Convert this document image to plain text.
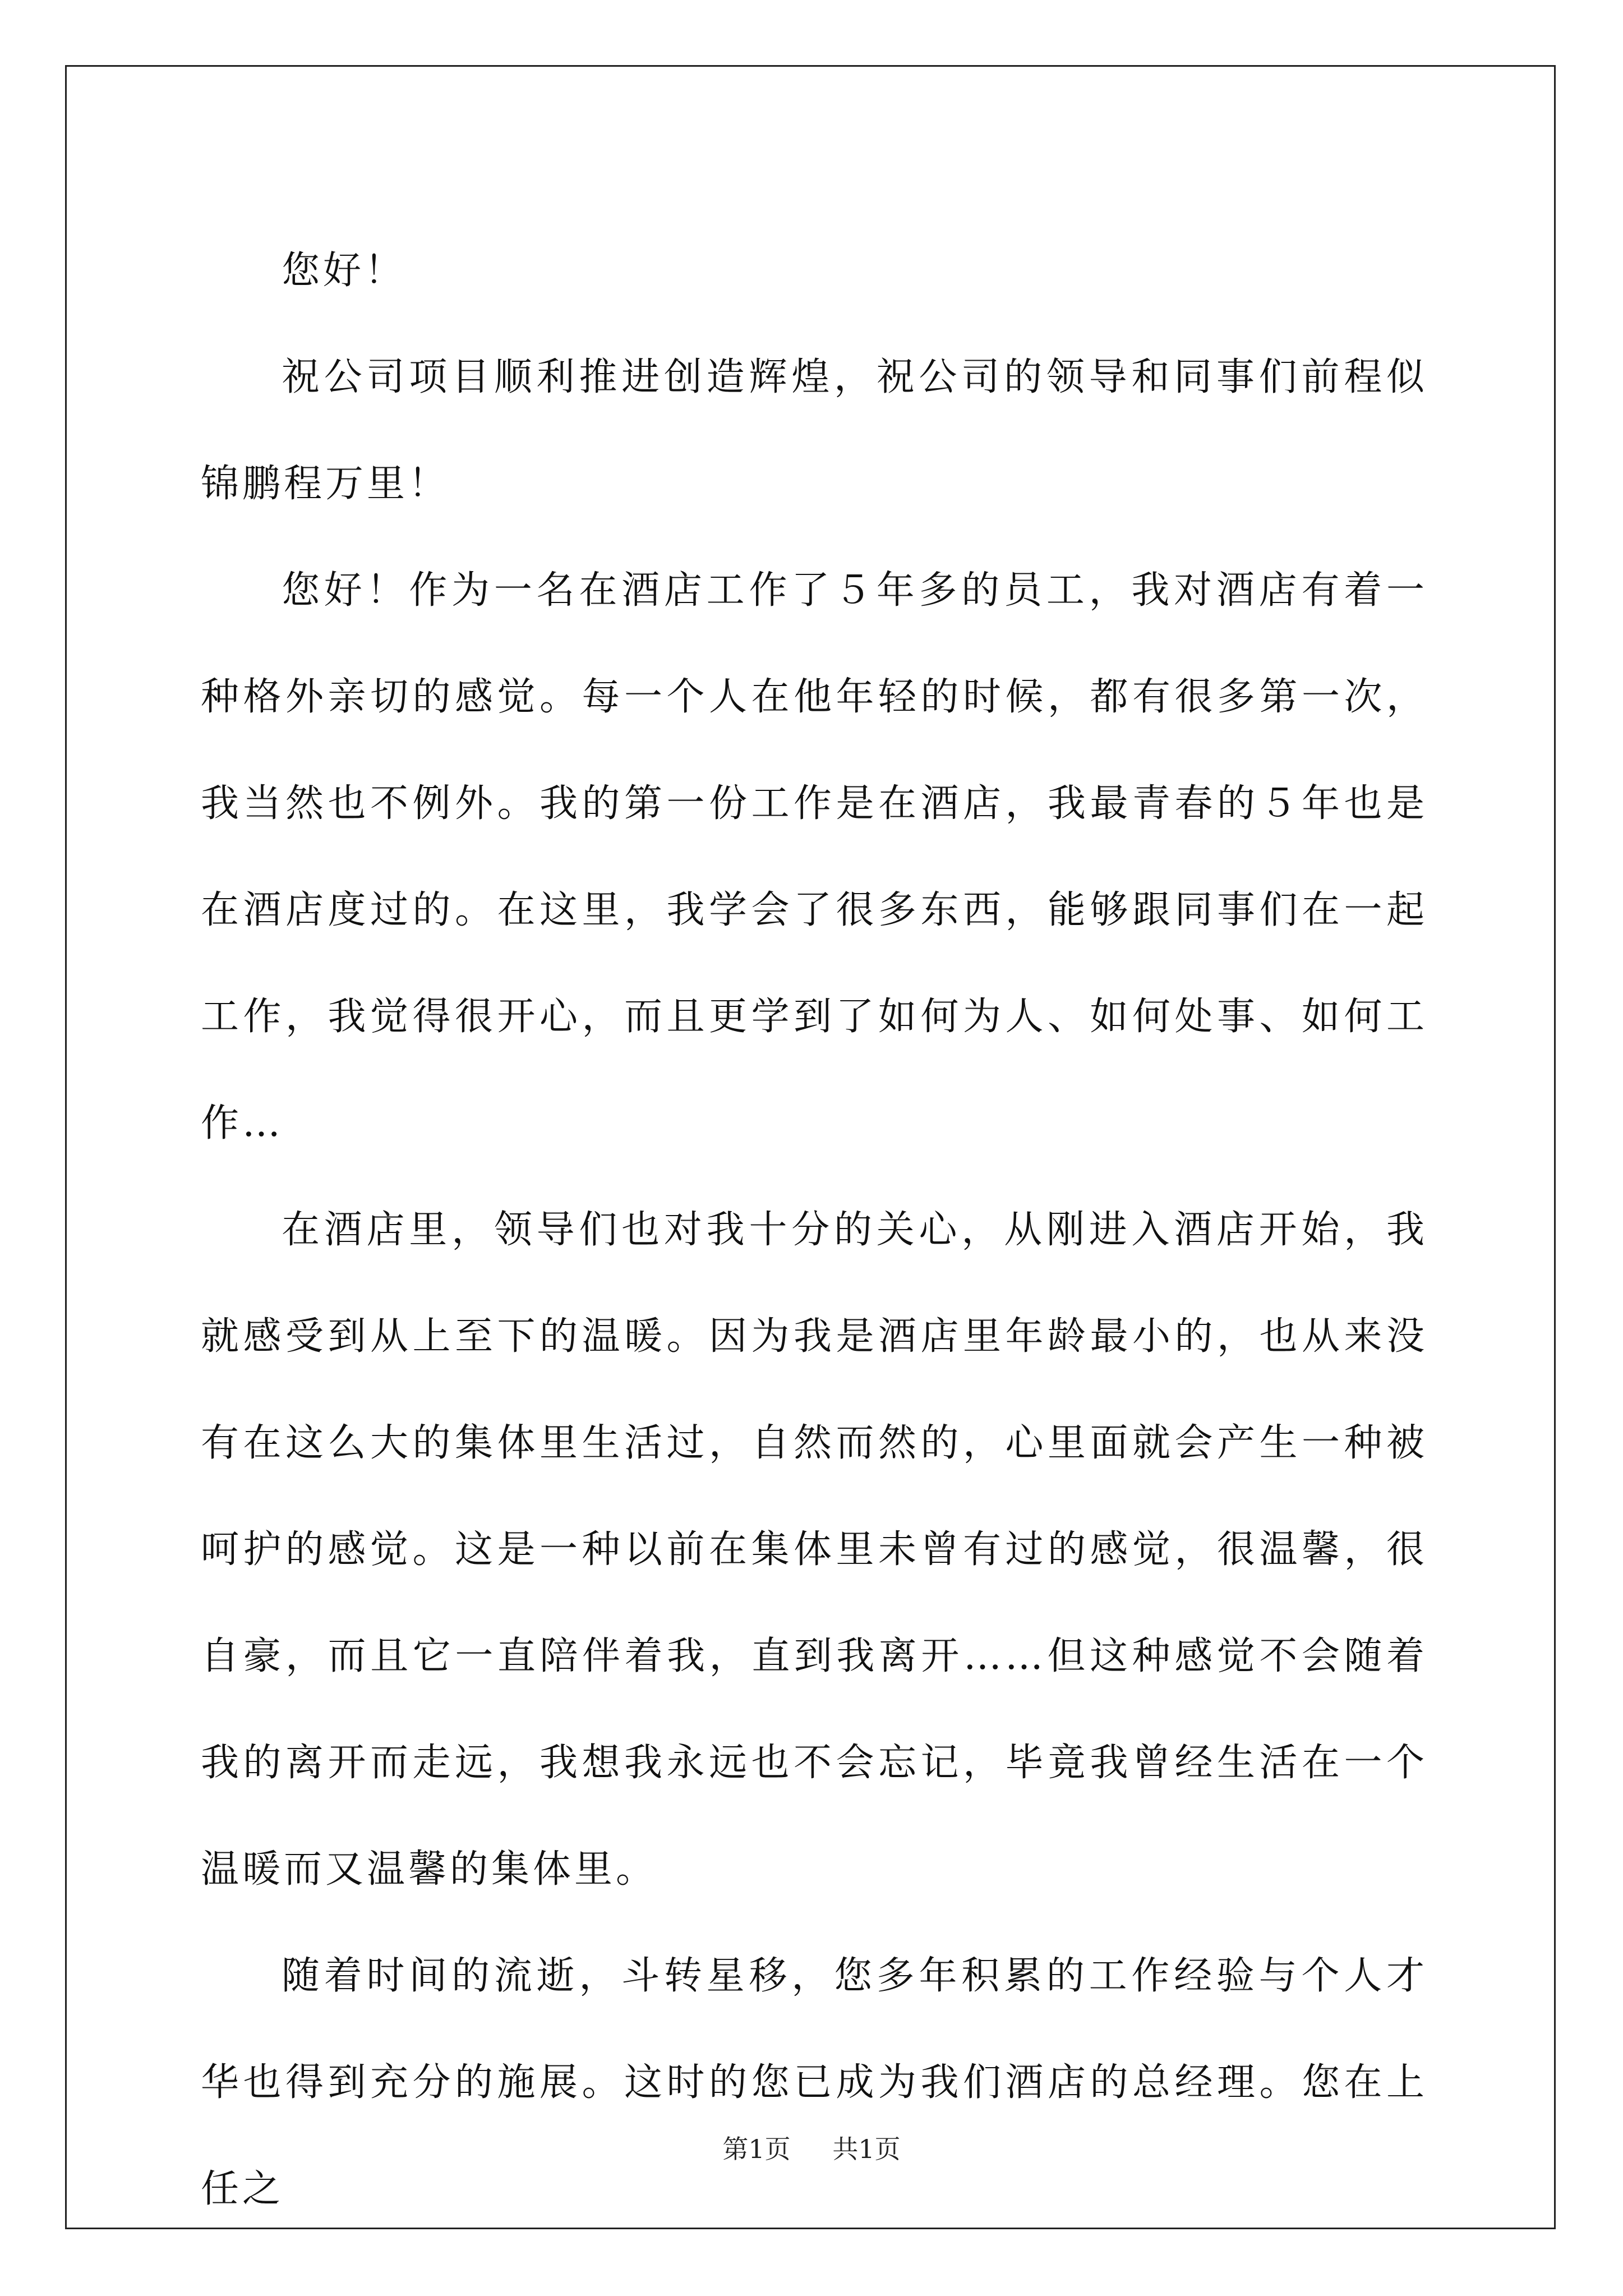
您好！

祝公司项目顺利推进创造辉煌，祝公司的领导和同事们前程似锦鹏程万里！

您好！作为一名在酒店工作了５年多的员工，我对酒店有着一种格外亲切的感觉。每一个人在他年轻的时候，都有很多第一次，我当然也不例外。我的第一份工作是在酒店，我最青春的５年也是在酒店度过的。在这里，我学会了很多东西，能够跟同事们在一起工作，我觉得很开心，而且更学到了如何为人、如何处事、如何工作…

在酒店里，领导们也对我十分的关心，从刚进入酒店开始，我就感受到从上至下的温暖。因为我是酒店里年龄最小的，也从来没有在这么大的集体里生活过，自然而然的，心里面就会产生一种被呵护的感觉。这是一种以前在集体里未曾有过的感觉，很温馨，很自豪，而且它一直陪伴着我，直到我离开……但这种感觉不会随着我的离开而走远，我想我永远也不会忘记，毕竟我曾经生活在一个温暖而又温馨的集体里。

随着时间的流逝，斗转星移，您多年积累的工作经验与个人才华也得到充分的施展。这时的您已成为我们酒店的总经理。您在上任之

第1页 共1页
